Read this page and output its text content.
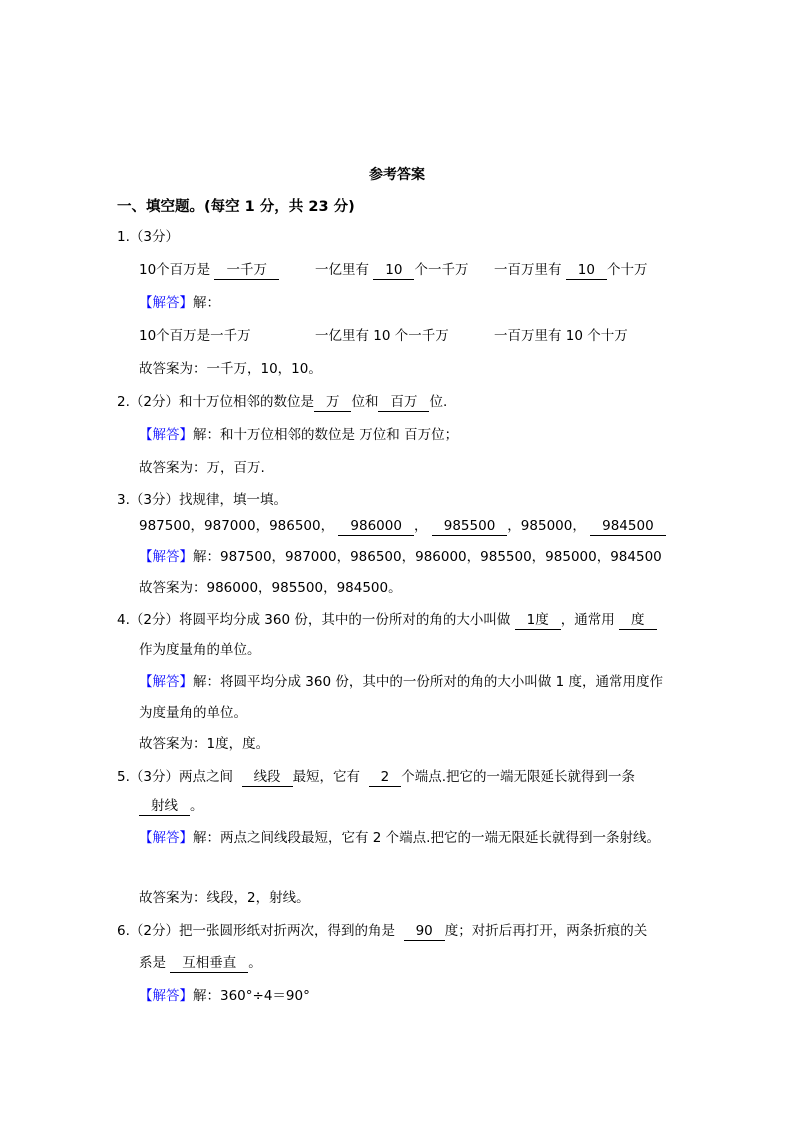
参考答案
一、填空题。(每空 1 分，共 23 分)
1.（3分）
10个百万是 一千万	一亿里有 10 个一千万 一百万里有 10 个十万
【解答】解：
10个百万是一千万	一亿里有 10 个一千万	一百万里有 10 个十万
故答案为：一千万，10，10。
2.（2分）和十万位相邻的数位是 万 位和 百万 位.
【解答】解：和十万位相邻的数位是 万位和 百万位；
故答案为：万，百万.
3.（3分）找规律，填一填。
987500，987000，986500， 986000 ， 985500 ，985000， 984500
【解答】解：987500，987000，986500，986000，985500，985000，984500
故答案为：986000，985500，984500。
4.（2分）将圆平均分成 360 份，其中的一份所对的角的大小叫做 1度 ，通常用 度
作为度量角的单位。
【解答】解：将圆平均分成 360 份，其中的一份所对的角的大小叫做 1 度，通常用度作
为度量角的单位。
故答案为：1度，度。
5.（3分）两点之间  线段 最短，它有  2 个端点.把它的一端无限延长就得到一条
射线 。
【解答】解：两点之间线段最短，它有 2 个端点.把它的一端无限延长就得到一条射线。
故答案为：线段，2，射线。
6.（2分）把一张圆形纸对折两次，得到的角是  90 度；对折后再打开，两条折痕的关
系是 互相垂直 。
【解答】解：360°÷4＝90°
